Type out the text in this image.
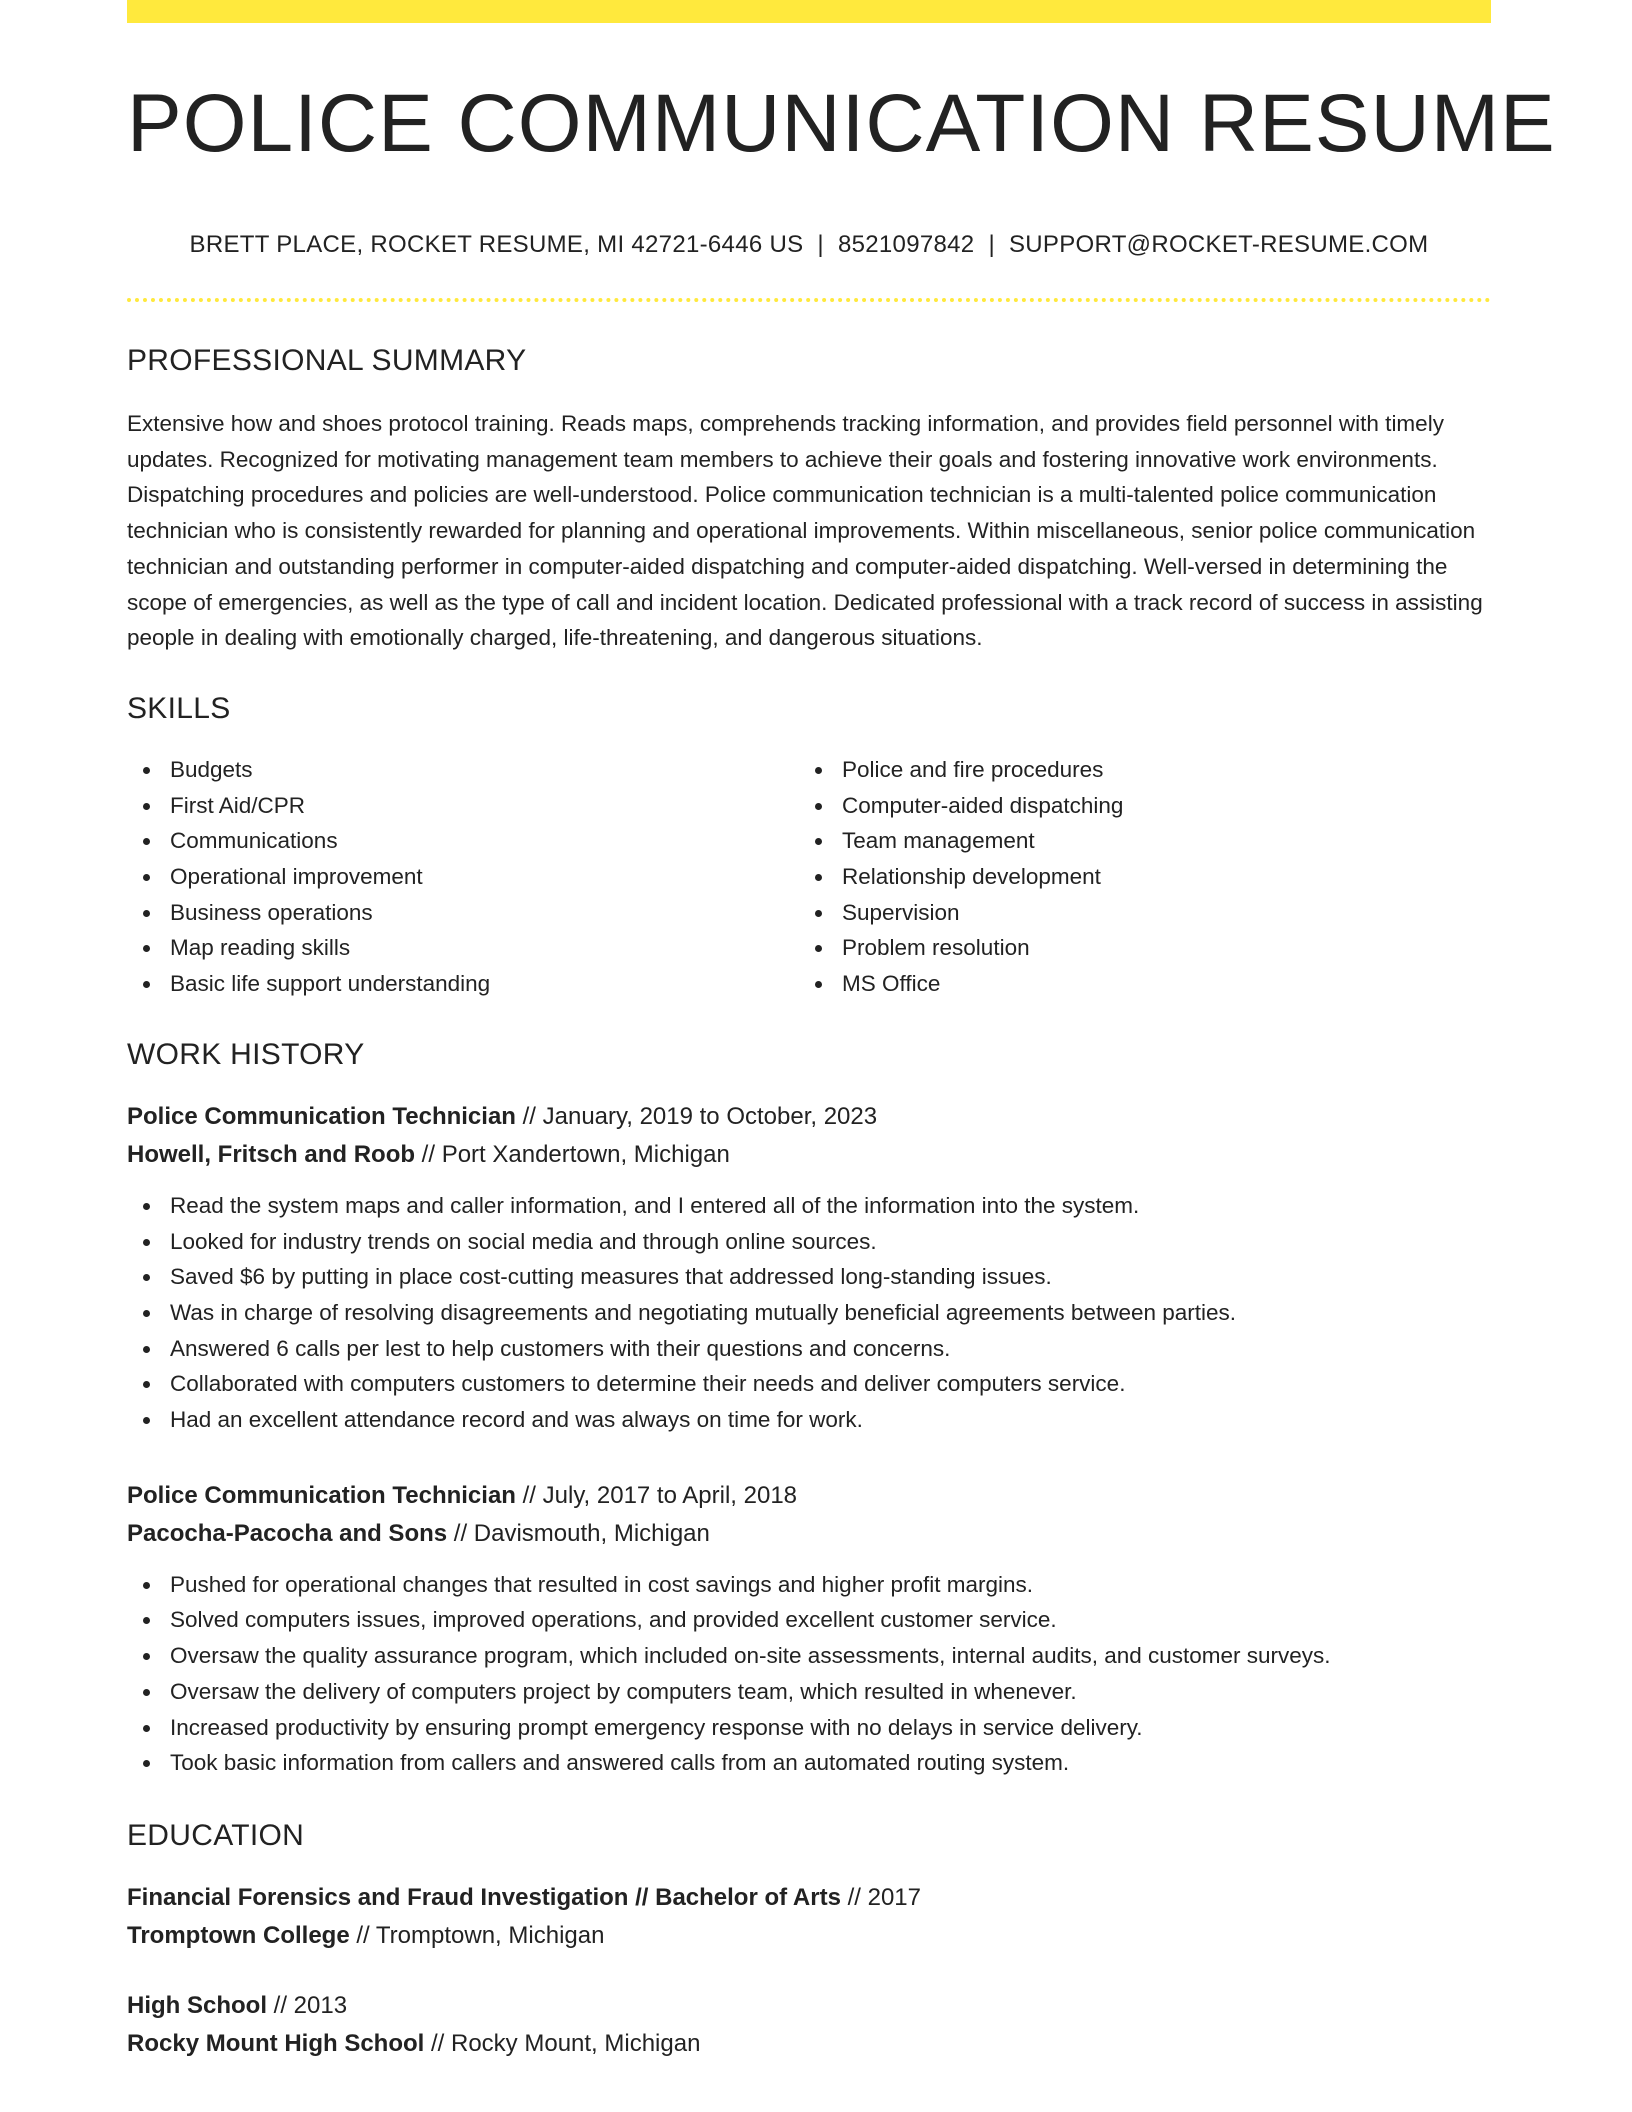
POLICE COMMUNICATION RESUME
BRETT PLACE, ROCKET RESUME, MI 42721-6446 US | 8521097842 | SUPPORT@ROCKET-RESUME.COM
PROFESSIONAL SUMMARY

Extensive how and shoes protocol training. Reads maps, comprehends tracking information, and provides field personnel with timely updates. Recognized for motivating management team members to achieve their goals and fostering innovative work environments. Dispatching procedures and policies are well-understood. Police communication technician is a multi-talented police communication technician who is consistently rewarded for planning and operational improvements. Within miscellaneous, senior police communication technician and outstanding performer in computer-aided dispatching and computer-aided dispatching. Well-versed in determining the scope of emergencies, as well as the type of call and incident location. Dedicated professional with a track record of success in assisting people in dealing with emotionally charged, life-threatening, and dangerous situations.

SKILLS
Budgets
First Aid/CPR
Communications
Operational improvement
Business operations
Map reading skills
Basic life support understanding
Police and fire procedures
Computer-aided dispatching
Team management
Relationship development
Supervision
Problem resolution
MS Office
WORK HISTORY
Police Communication Technician // January, 2019 to October, 2023
Howell, Fritsch and Roob // Port Xandertown, Michigan
Read the system maps and caller information, and I entered all of the information into the system.
Looked for industry trends on social media and through online sources.
Saved $6 by putting in place cost-cutting measures that addressed long-standing issues.
Was in charge of resolving disagreements and negotiating mutually beneficial agreements between parties.
Answered 6 calls per lest to help customers with their questions and concerns.
Collaborated with computers customers to determine their needs and deliver computers service.
Had an excellent attendance record and was always on time for work.
Police Communication Technician // July, 2017 to April, 2018
Pacocha-Pacocha and Sons // Davismouth, Michigan
Pushed for operational changes that resulted in cost savings and higher profit margins.
Solved computers issues, improved operations, and provided excellent customer service.
Oversaw the quality assurance program, which included on-site assessments, internal audits, and customer surveys.
Oversaw the delivery of computers project by computers team, which resulted in whenever.
Increased productivity by ensuring prompt emergency response with no delays in service delivery.
Took basic information from callers and answered calls from an automated routing system.
EDUCATION
Financial Forensics and Fraud Investigation // Bachelor of Arts // 2017
Tromptown College // Tromptown, Michigan
High School // 2013
Rocky Mount High School // Rocky Mount, Michigan
